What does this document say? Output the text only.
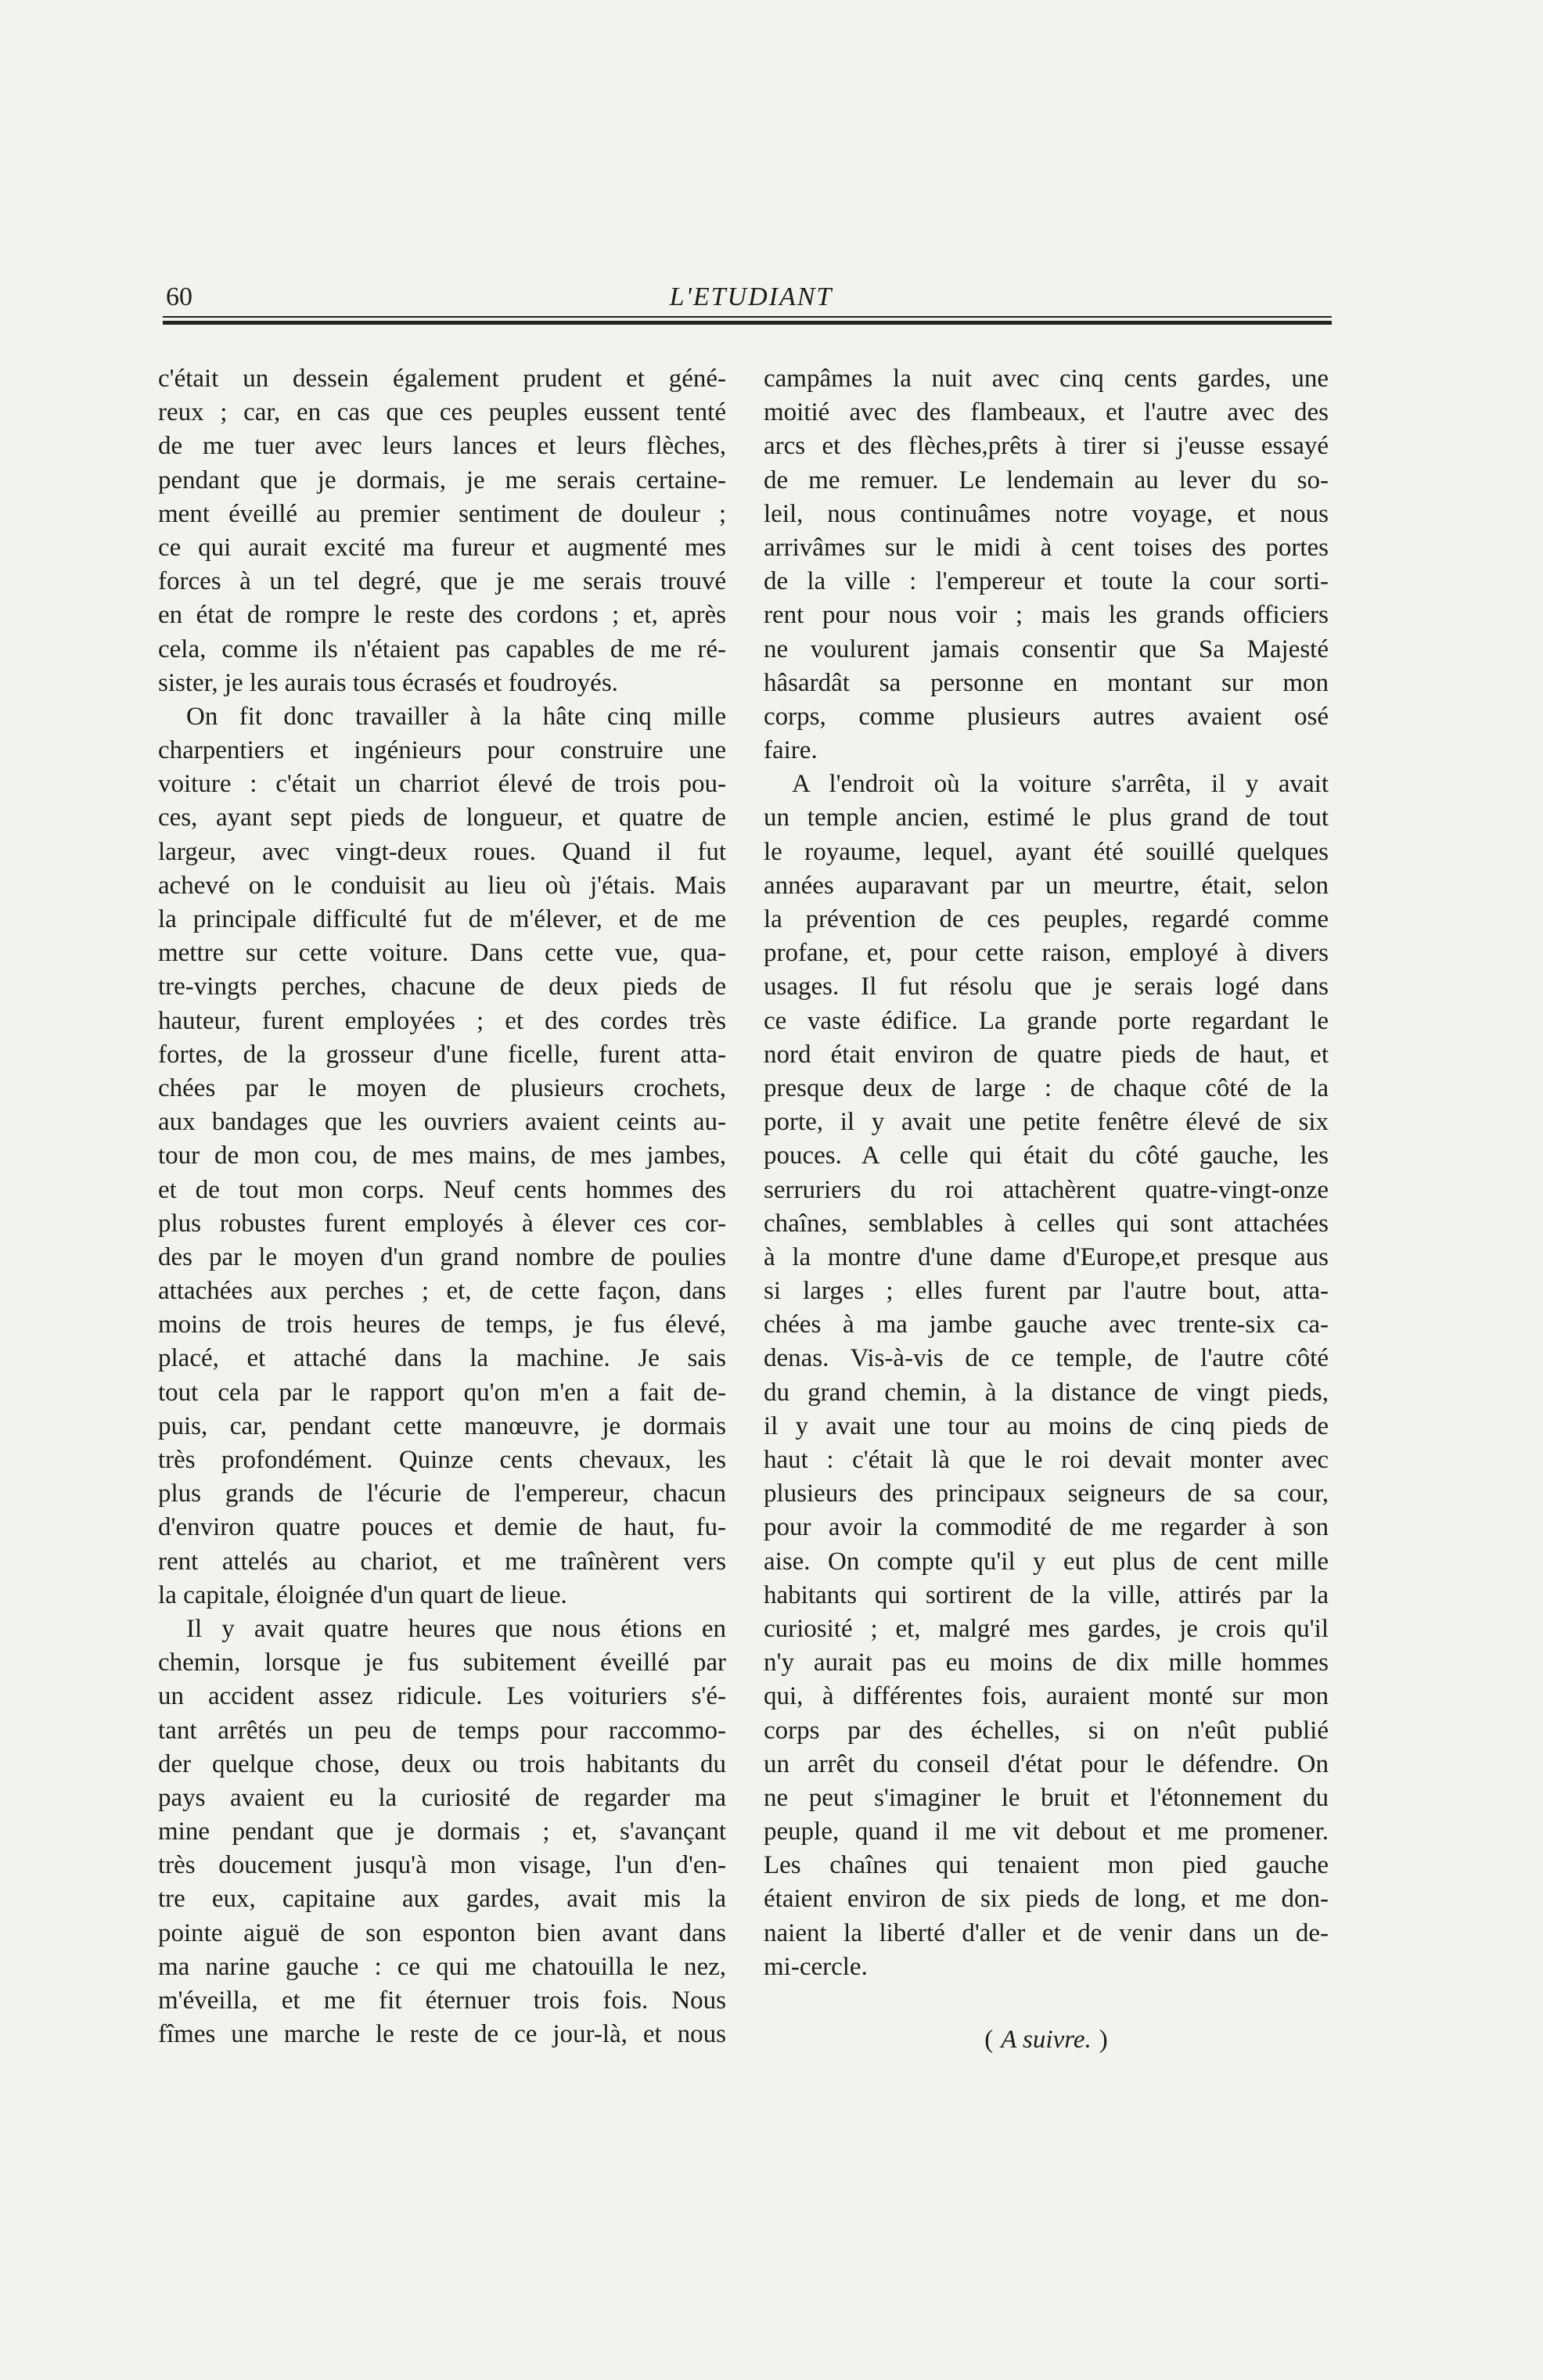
60	L'ETUDIANT
c'était un dessein également prudent et géné-
reux ; car, en cas que ces peuples eussent tenté
de me tuer avec leurs lances et leurs flèches,
pendant que je dormais, je me serais certaine-
ment éveillé au premier sentiment de douleur ;
ce qui aurait excité ma fureur et augmenté mes
forces à un tel degré, que je me serais trouvé
en état de rompre le reste des cordons ; et, après
cela, comme ils n'étaient pas capables de me ré-
sister, je les aurais tous écrasés et foudroyés.
On fit donc travailler à la hâte cinq mille
charpentiers et ingénieurs pour construire une
voiture : c'était un charriot élevé de trois pou-
ces, ayant sept pieds de longueur, et quatre de
largeur, avec vingt-deux roues. Quand il fut
achevé on le conduisit au lieu où j'étais. Mais
la principale difficulté fut de m'élever, et de me
mettre sur cette voiture. Dans cette vue, qua-
tre-vingts perches, chacune de deux pieds de
hauteur, furent employées ; et des cordes très
fortes, de la grosseur d'une ficelle, furent atta-
chées par le moyen de plusieurs crochets,
aux bandages que les ouvriers avaient ceints au-
tour de mon cou, de mes mains, de mes jambes,
et de tout mon corps. Neuf cents hommes des
plus robustes furent employés à élever ces cor-
des par le moyen d'un grand nombre de poulies
attachées aux perches ; et, de cette façon, dans
moins de trois heures de temps, je fus élevé,
placé, et attaché dans la machine. Je sais
tout cela par le rapport qu'on m'en a fait de-
puis, car, pendant cette manœuvre, je dormais
très profondément. Quinze cents chevaux, les
plus grands de l'écurie de l'empereur, chacun
d'environ quatre pouces et demie de haut, fu-
rent attelés au chariot, et me traînèrent vers
la capitale, éloignée d'un quart de lieue.
Il y avait quatre heures que nous étions en
chemin, lorsque je fus subitement éveillé par
un accident assez ridicule. Les voituriers s'é-
tant arrêtés un peu de temps pour raccommo-
der quelque chose, deux ou trois habitants du
pays avaient eu la curiosité de regarder ma
mine pendant que je dormais ; et, s'avançant
très doucement jusqu'à mon visage, l'un d'en-
tre eux, capitaine aux gardes, avait mis la
pointe aiguë de son esponton bien avant dans
ma narine gauche : ce qui me chatouilla le nez,
m'éveilla, et me fit éternuer trois fois. Nous
fîmes une marche le reste de ce jour-là, et nous
campâmes la nuit avec cinq cents gardes, une
moitié avec des flambeaux, et l'autre avec des
arcs et des flèches,prêts à tirer si j'eusse essayé
de me remuer. Le lendemain au lever du so-
leil, nous continuâmes notre voyage, et nous
arrivâmes sur le midi à cent toises des portes
de la ville : l'empereur et toute la cour sorti-
rent pour nous voir ; mais les grands officiers
ne voulurent jamais consentir que Sa Majesté
hâsardât sa personne en montant sur mon
corps, comme plusieurs autres avaient osé
faire.
A l'endroit où la voiture s'arrêta, il y avait
un temple ancien, estimé le plus grand de tout
le royaume, lequel, ayant été souillé quelques
années auparavant par un meurtre, était, selon
la prévention de ces peuples, regardé comme
profane, et, pour cette raison, employé à divers
usages. Il fut résolu que je serais logé dans
ce vaste édifice. La grande porte regardant le
nord était environ de quatre pieds de haut, et
presque deux de large : de chaque côté de la
porte, il y avait une petite fenêtre élevé de six
pouces. A celle qui était du côté gauche, les
serruriers du roi attachèrent quatre-vingt-onze
chaînes, semblables à celles qui sont attachées
à la montre d'une dame d'Europe,et presque aus
si larges ; elles furent par l'autre bout, atta-
chées à ma jambe gauche avec trente-six ca-
denas. Vis-à-vis de ce temple, de l'autre côté
du grand chemin, à la distance de vingt pieds,
il y avait une tour au moins de cinq pieds de
haut : c'était là que le roi devait monter avec
plusieurs des principaux seigneurs de sa cour,
pour avoir la commodité de me regarder à son
aise. On compte qu'il y eut plus de cent mille
habitants qui sortirent de la ville, attirés par la
curiosité ; et, malgré mes gardes, je crois qu'il
n'y aurait pas eu moins de dix mille hommes
qui, à différentes fois, auraient monté sur mon
corps par des échelles, si on n'eût publié
un arrêt du conseil d'état pour le défendre. On
ne peut s'imaginer le bruit et l'étonnement du
peuple, quand il me vit debout et me promener.
Les chaînes qui tenaient mon pied gauche
étaient environ de six pieds de long, et me don-
naient la liberté d'aller et de venir dans un de-
mi-cercle.
( A suivre. )
